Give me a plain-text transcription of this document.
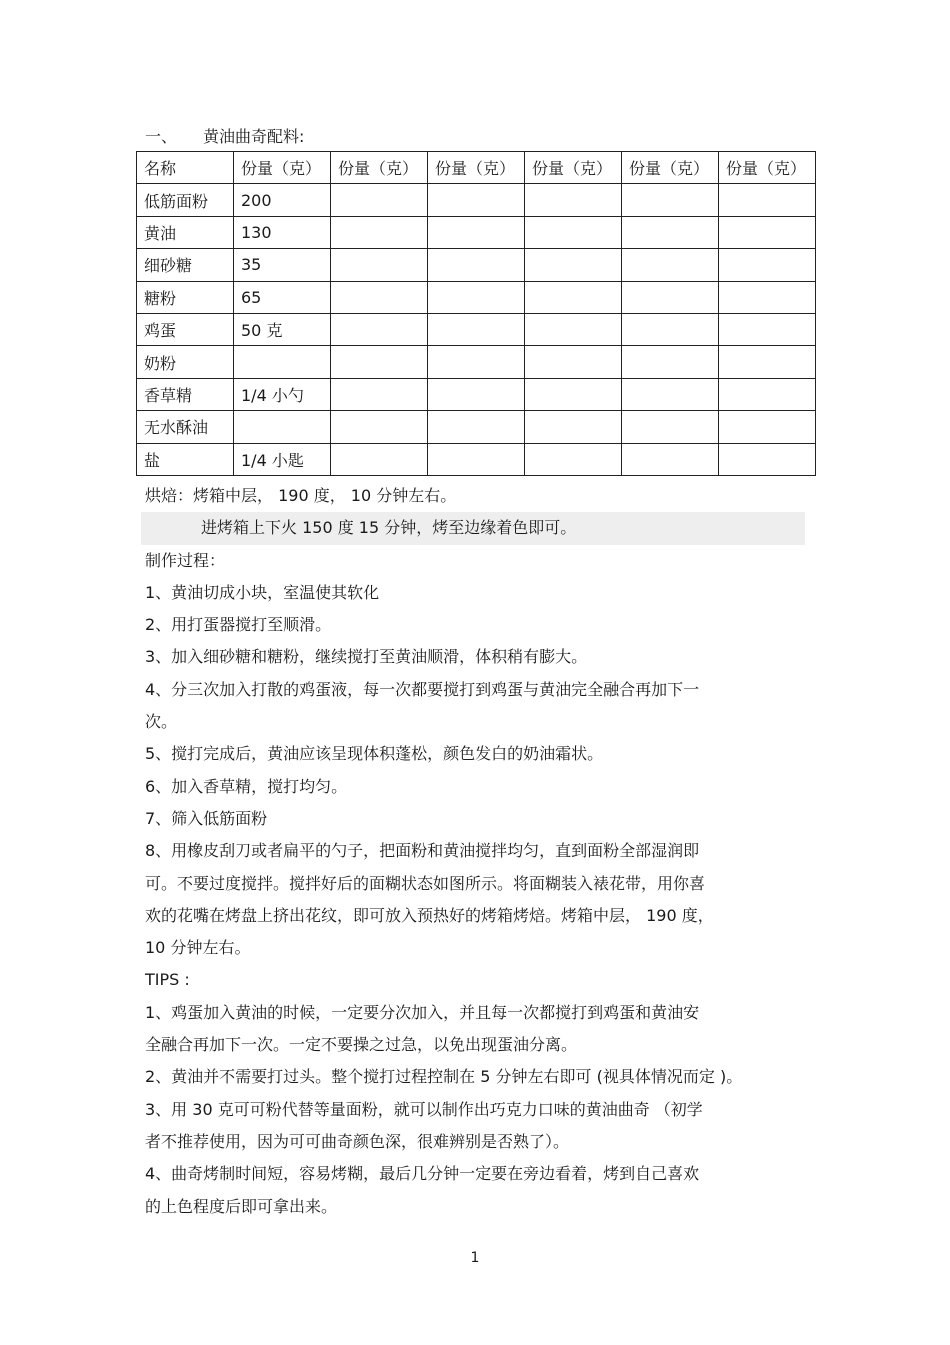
一、 黄油曲奇配料:
名称	份量（克）	份量（克）	份量（克）	份量（克）	份量（克）	份量（克）
低筋面粉	200					
黄油	130					
细砂糖	35					
糖粉	65					
鸡蛋	50 克					
奶粉						
香草精	1/4 小勺					
无水酥油						
盐	1/4 小匙					
烘焙：烤箱中层， 190 度， 10 分钟左右。
进烤箱上下火 150 度 15 分钟，烤至边缘着色即可。
制作过程：
1、黄油切成小块，室温使其软化
2、用打蛋器搅打至顺滑。
3、加入细砂糖和糖粉，继续搅打至黄油顺滑，体积稍有膨大。
4、分三次加入打散的鸡蛋液，每一次都要搅打到鸡蛋与黄油完全融合再加下一
次。
5、搅打完成后，黄油应该呈现体积蓬松，颜色发白的奶油霜状。
6、加入香草精，搅打均匀。
7、筛入低筋面粉
8、用橡皮刮刀或者扁平的勺子，把面粉和黄油搅拌均匀，直到面粉全部湿润即
可。不要过度搅拌。搅拌好后的面糊状态如图所示。将面糊装入裱花带，用你喜
欢的花嘴在烤盘上挤出花纹，即可放入预热好的烤箱烤焙。烤箱中层， 190 度，
10 分钟左右。
TIPS :
1、鸡蛋加入黄油的时候，一定要分次加入，并且每一次都搅打到鸡蛋和黄油安
全融合再加下一次。一定不要操之过急，以免出现蛋油分离。
2、黄油并不需要打过头。整个搅打过程控制在 5 分钟左右即可 (视具体情况而定 )。
3、用 30 克可可粉代替等量面粉，就可以制作出巧克力口味的黄油曲奇 （初学
者不推荐使用，因为可可曲奇颜色深，很难辨别是否熟了）。
4、曲奇烤制时间短，容易烤糊，最后几分钟一定要在旁边看着，烤到自己喜欢
的上色程度后即可拿出来。
1
